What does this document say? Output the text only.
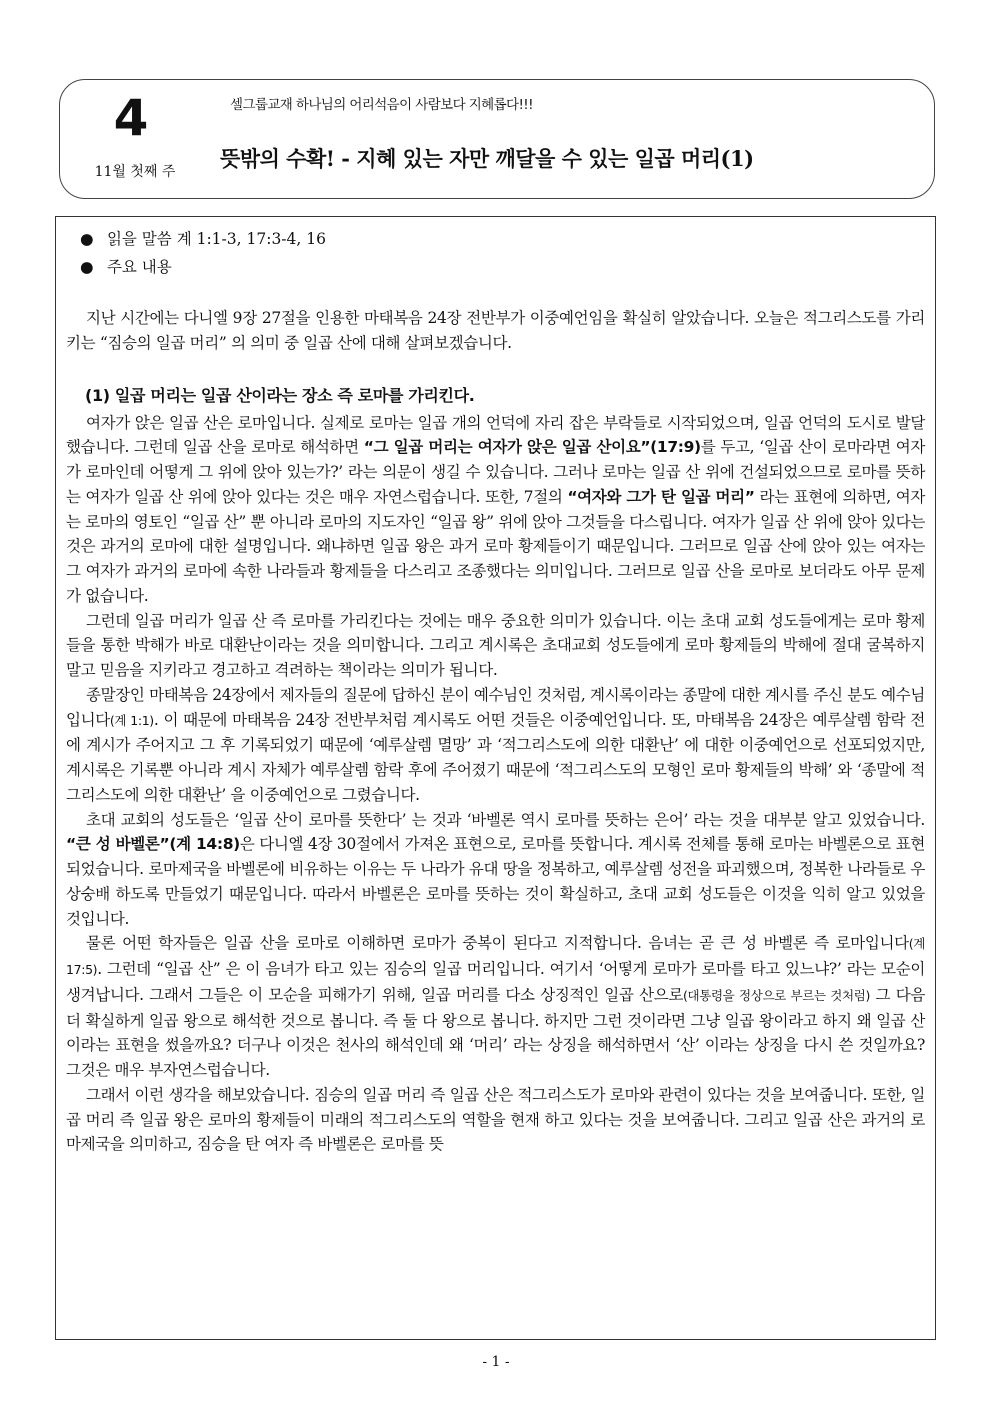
4
11월 첫째 주
셀그룹교재 하나님의 어리석음이 사람보다 지혜롭다!!!
뜻밖의 수확! - 지혜 있는 자만 깨달을 수 있는 일곱 머리(1)
● 읽을 말씀 계 1:1-3, 17:3-4, 16
● 주요 내용

지난 시간에는 다니엘 9장 27절을 인용한 마태복음 24장 전반부가 이중예언임을 확실히 알았습니다. 오늘은 적그리스도를 가리키는 “짐승의 일곱 머리” 의 의미 중 일곱 산에 대해 살펴보겠습니다.

(1) 일곱 머리는 일곱 산이라는 장소 즉 로마를 가리킨다.

여자가 앉은 일곱 산은 로마입니다. 실제로 로마는 일곱 개의 언덕에 자리 잡은 부락들로 시작되었으며, 일곱 언덕의 도시로 발달했습니다. 그런데 일곱 산을 로마로 해석하면 “그 일곱 머리는 여자가 앉은 일곱 산이요”(17:9)를 두고, ‘일곱 산이 로마라면 여자가 로마인데 어떻게 그 위에 앉아 있는가?’ 라는 의문이 생길 수 있습니다. 그러나 로마는 일곱 산 위에 건설되었으므로 로마를 뜻하는 여자가 일곱 산 위에 앉아 있다는 것은 매우 자연스럽습니다. 또한, 7절의 “여자와 그가 탄 일곱 머리” 라는 표현에 의하면, 여자는 로마의 영토인 “일곱 산” 뿐 아니라 로마의 지도자인 “일곱 왕” 위에 앉아 그것들을 다스립니다. 여자가 일곱 산 위에 앉아 있다는 것은 과거의 로마에 대한 설명입니다. 왜냐하면 일곱 왕은 과거 로마 황제들이기 때문입니다. 그러므로 일곱 산에 앉아 있는 여자는 그 여자가 과거의 로마에 속한 나라들과 황제들을 다스리고 조종했다는 의미입니다. 그러므로 일곱 산을 로마로 보더라도 아무 문제가 없습니다.

그런데 일곱 머리가 일곱 산 즉 로마를 가리킨다는 것에는 매우 중요한 의미가 있습니다. 이는 초대 교회 성도들에게는 로마 황제들을 통한 박해가 바로 대환난이라는 것을 의미합니다. 그리고 계시록은 초대교회 성도들에게 로마 황제들의 박해에 절대 굴복하지 말고 믿음을 지키라고 경고하고 격려하는 책이라는 의미가 됩니다.

종말장인 마태복음 24장에서 제자들의 질문에 답하신 분이 예수님인 것처럼, 계시록이라는 종말에 대한 계시를 주신 분도 예수님입니다(계 1:1). 이 때문에 마태복음 24장 전반부처럼 계시록도 어떤 것들은 이중예언입니다. 또, 마태복음 24장은 예루살렘 함락 전에 계시가 주어지고 그 후 기록되었기 때문에 ‘예루살렘 멸망’ 과 ‘적그리스도에 의한 대환난’ 에 대한 이중예언으로 선포되었지만, 계시록은 기록뿐 아니라 계시 자체가 예루살렘 함락 후에 주어졌기 때문에 ‘적그리스도의 모형인 로마 황제들의 박해’ 와 ‘종말에 적그리스도에 의한 대환난’ 을 이중예언으로 그렸습니다.

초대 교회의 성도들은 ‘일곱 산이 로마를 뜻한다’ 는 것과 ‘바벨론 역시 로마를 뜻하는 은어’ 라는 것을 대부분 알고 있었습니다. “큰 성 바벨론”(계 14:8)은 다니엘 4장 30절에서 가져온 표현으로, 로마를 뜻합니다. 계시록 전체를 통해 로마는 바벨론으로 표현되었습니다. 로마제국을 바벨론에 비유하는 이유는 두 나라가 유대 땅을 정복하고, 예루살렘 성전을 파괴했으며, 정복한 나라들로 우상숭배 하도록 만들었기 때문입니다. 따라서 바벨론은 로마를 뜻하는 것이 확실하고, 초대 교회 성도들은 이것을 익히 알고 있었을 것입니다.

물론 어떤 학자들은 일곱 산을 로마로 이해하면 로마가 중복이 된다고 지적합니다. 음녀는 곧 큰 성 바벨론 즉 로마입니다(계 17:5). 그런데 “일곱 산” 은 이 음녀가 타고 있는 짐승의 일곱 머리입니다. 여기서 ‘어떻게 로마가 로마를 타고 있느냐?’ 라는 모순이 생겨납니다. 그래서 그들은 이 모순을 피해가기 위해, 일곱 머리를 다소 상징적인 일곱 산으로(대통령을 정상으로 부르는 것처럼) 그 다음 더 확실하게 일곱 왕으로 해석한 것으로 봅니다. 즉 둘 다 왕으로 봅니다. 하지만 그런 것이라면 그냥 일곱 왕이라고 하지 왜 일곱 산이라는 표현을 썼을까요? 더구나 이것은 천사의 해석인데 왜 ‘머리’ 라는 상징을 해석하면서 ‘산’ 이라는 상징을 다시 쓴 것일까요? 그것은 매우 부자연스럽습니다.

그래서 이런 생각을 해보았습니다. 짐승의 일곱 머리 즉 일곱 산은 적그리스도가 로마와 관련이 있다는 것을 보여줍니다. 또한, 일곱 머리 즉 일곱 왕은 로마의 황제들이 미래의 적그리스도의 역할을 현재 하고 있다는 것을 보여줍니다. 그리고 일곱 산은 과거의 로마제국을 의미하고, 짐승을 탄 여자 즉 바벨론은 로마를 뜻

- 1 -
